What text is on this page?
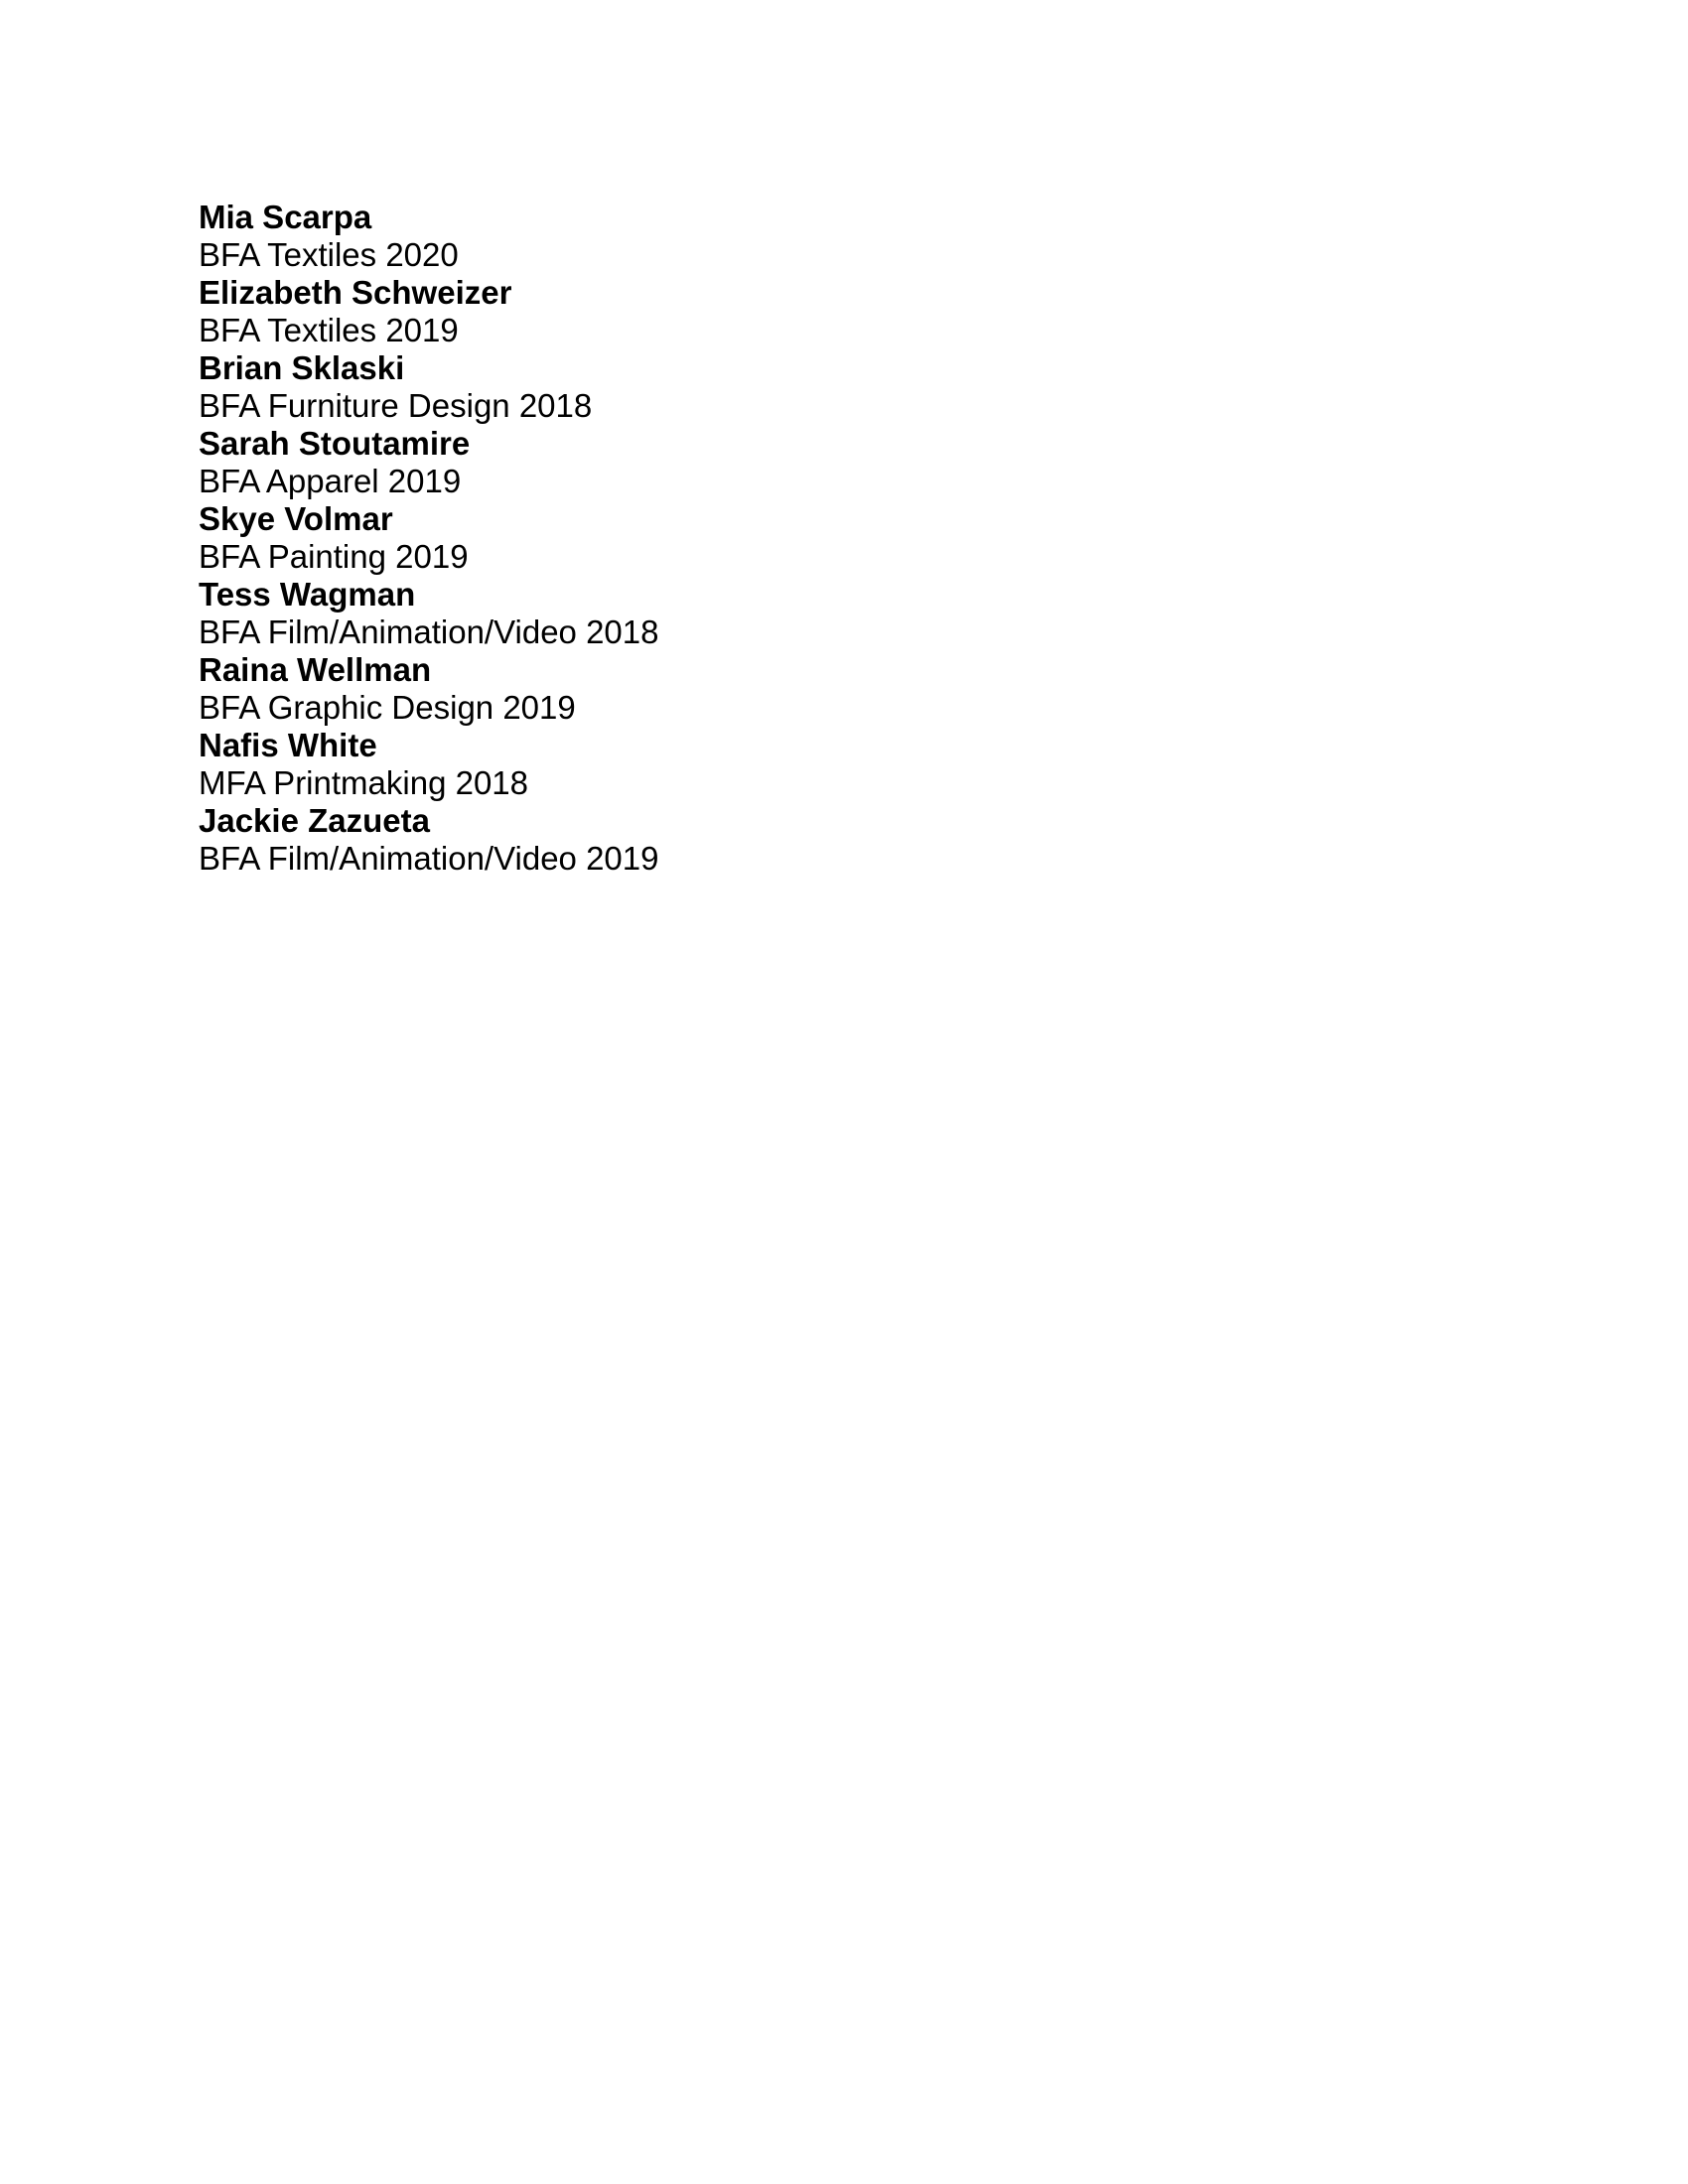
Mia Scarpa
BFA Textiles 2020
Elizabeth Schweizer
BFA Textiles 2019
Brian Sklaski
BFA Furniture Design 2018
Sarah Stoutamire
BFA Apparel 2019
Skye Volmar
BFA Painting 2019
Tess Wagman
BFA Film/Animation/Video 2018
Raina Wellman
BFA Graphic Design 2019
Nafis White
MFA Printmaking 2018
Jackie Zazueta
BFA Film/Animation/Video 2019
